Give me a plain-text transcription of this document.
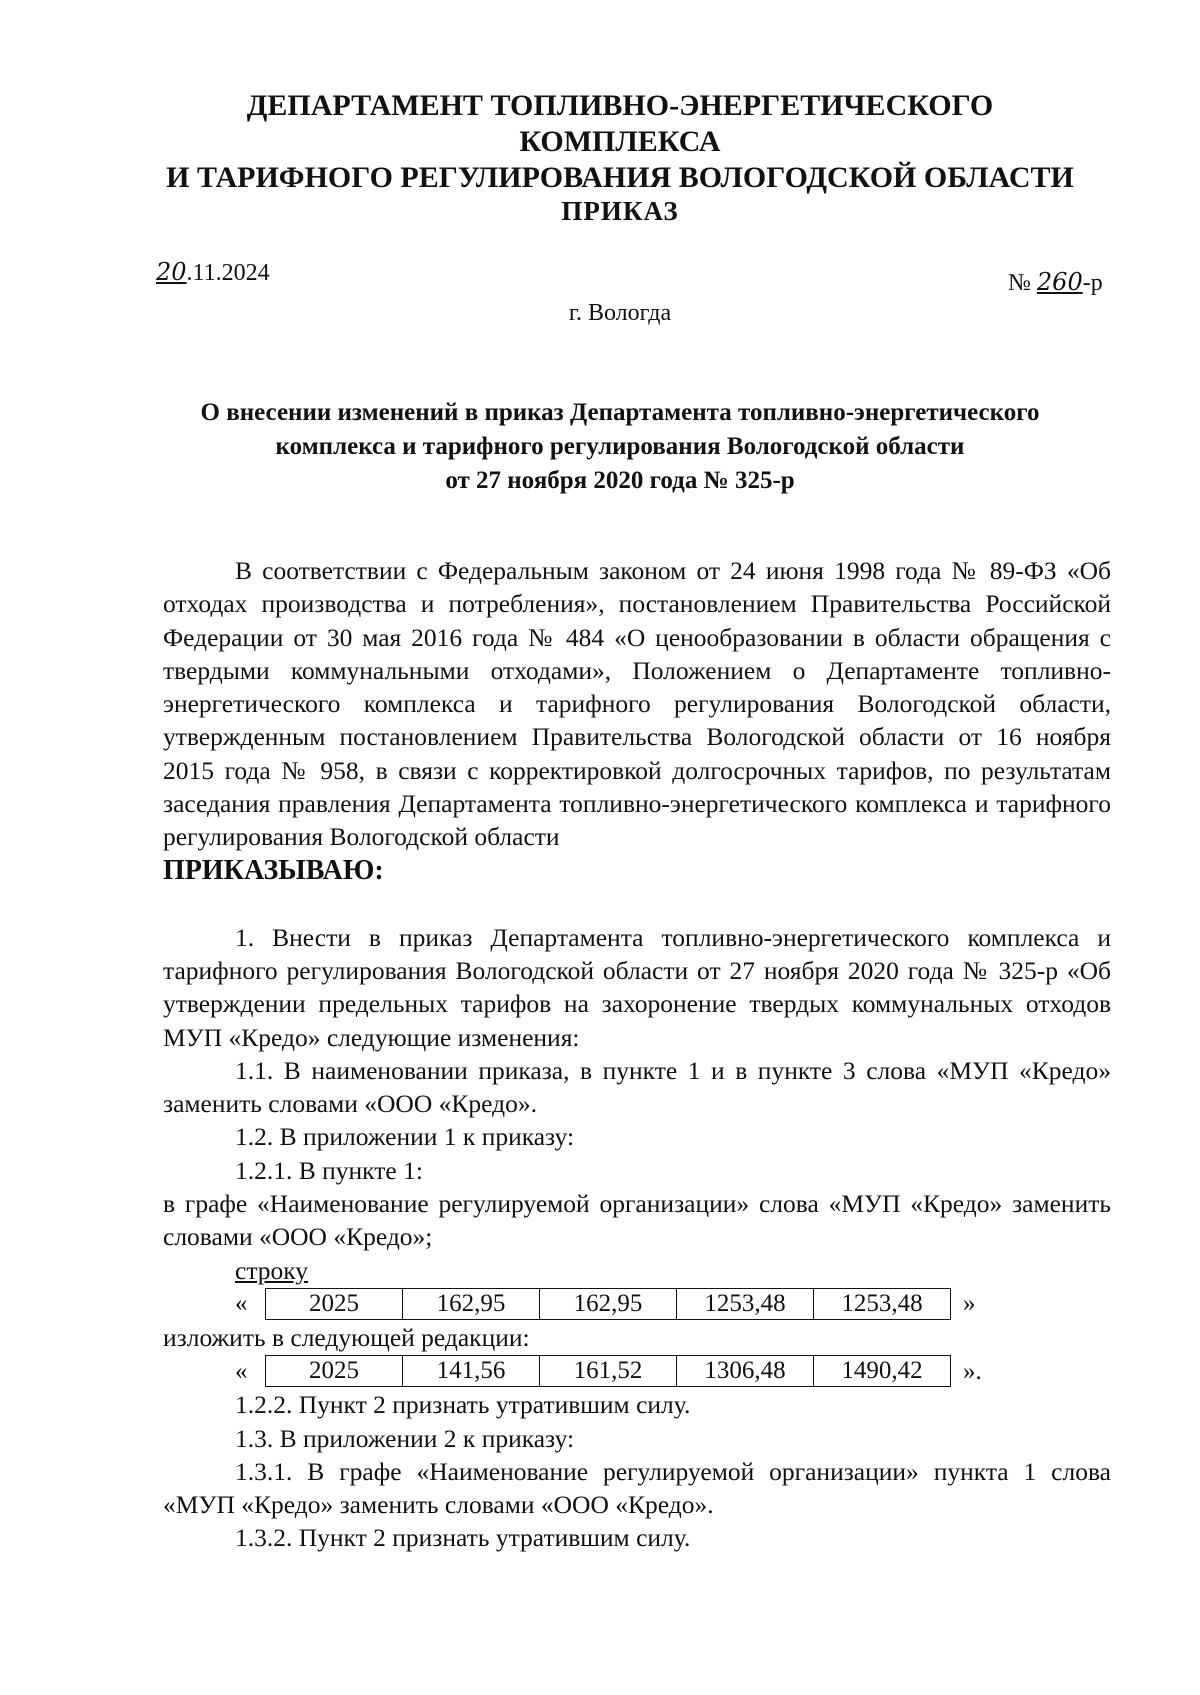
ДЕПАРТАМЕНТ ТОПЛИВНО-ЭНЕРГЕТИЧЕСКОГО КОМПЛЕКСА
И ТАРИФНОГО РЕГУЛИРОВАНИЯ ВОЛОГОДСКОЙ ОБЛАСТИ
ПРИКАЗ
20.11.2024	№ 260-р
г. Вологда
О внесении изменений в приказ Департамента топливно-энергетического
комплекса и тарифного регулирования Вологодской области
от 27 ноября 2020 года № 325-р

В соответствии с Федеральным законом от 24 июня 1998 года № 89-ФЗ «Об отходах производства и потребления», постановлением Правительства Российской Федерации от 30 мая 2016 года № 484 «О ценообразовании в области обращения с твердыми коммунальными отходами», Положением о Департаменте топливно-энергетического комплекса и тарифного регулирования Вологодской области, утвержденным постановлением Правительства Вологодской области от 16 ноября 2015 года № 958, в связи с корректировкой долгосрочных тарифов, по результатам заседания правления Департамента топливно-энергетического комплекса и тарифного регулирования Вологодской области

ПРИКАЗЫВАЮ:

1. Внести в приказ Департамента топливно-энергетического комплекса и тарифного регулирования Вологодской области от 27 ноября 2020 года № 325-р «Об утверждении предельных тарифов на захоронение твердых коммунальных отходов МУП «Кредо» следующие изменения:

1.1. В наименовании приказа, в пункте 1 и в пункте 3 слова «МУП «Кредо» заменить словами «ООО «Кредо».

1.2. В приложении 1 к приказу:

1.2.1. В пункте 1:

в графе «Наименование регулируемой организации» слова «МУП «Кредо» заменить словами «ООО «Кредо»;

строку

«	2025	162,95	162,95	1253,48	1253,48	»

изложить в следующей редакции:

«	2025	141,56	161,52	1306,48	1490,42	».

1.2.2. Пункт 2 признать утратившим силу.

1.3. В приложении 2 к приказу:

1.3.1. В графе «Наименование регулируемой организации» пункта 1 слова «МУП «Кредо» заменить словами «ООО «Кредо».

1.3.2. Пункт 2 признать утратившим силу.
